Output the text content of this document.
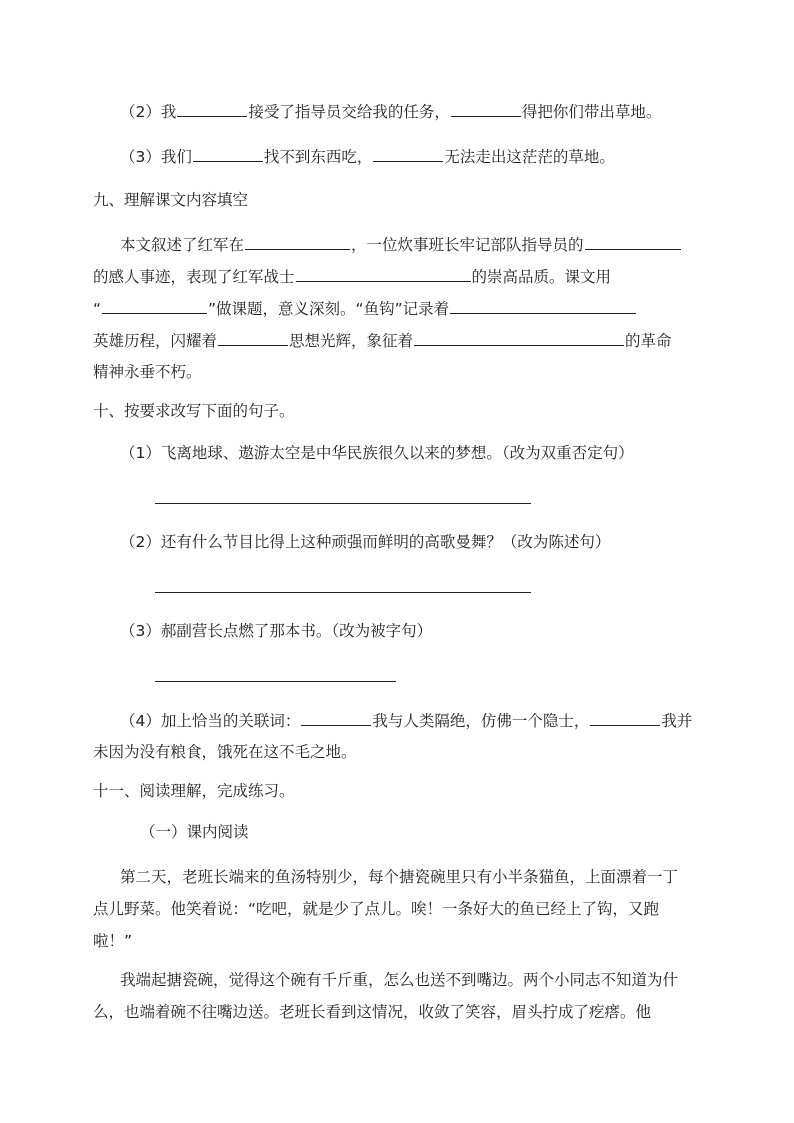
（2）我	接受了指导员交给我的任务，	得把你们带出草地。
（3）我们	找不到东西吃，	无法走出这茫茫的草地。
九、理解课文内容填空
本文叙述了红军在	，一位炊事班长牢记部队指导员的
的感人事迹，表现了红军战士	的崇高品质。课文用
“	”做课题，意义深刻。“鱼钩”记录着
英雄历程，闪耀着	思想光辉，象征着	的革命
精神永垂不朽。
十、按要求改写下面的句子。
（1）飞离地球、遨游太空是中华民族很久以来的梦想。（改为双重否定句）
（2）还有什么节目比得上这种顽强而鲜明的高歌曼舞？（改为陈述句）
（3）郝副营长点燃了那本书。（改为被字句）
（4）加上恰当的关联词：	我与人类隔绝，仿佛一个隐士，	我并
未因为没有粮食，饿死在这不毛之地。
十一、阅读理解，完成练习。
（一）课内阅读
第二天，老班长端来的鱼汤特别少，每个搪瓷碗里只有小半条猫鱼，上面漂着一丁
点儿野菜。他笑着说：“吃吧，就是少了点儿。唉！一条好大的鱼已经上了钩，又跑
啦！”
我端起搪瓷碗，觉得这个碗有千斤重，怎么也送不到嘴边。两个小同志不知道为什
么，也端着碗不往嘴边送。老班长看到这情况，收敛了笑容，眉头拧成了疙瘩。他
